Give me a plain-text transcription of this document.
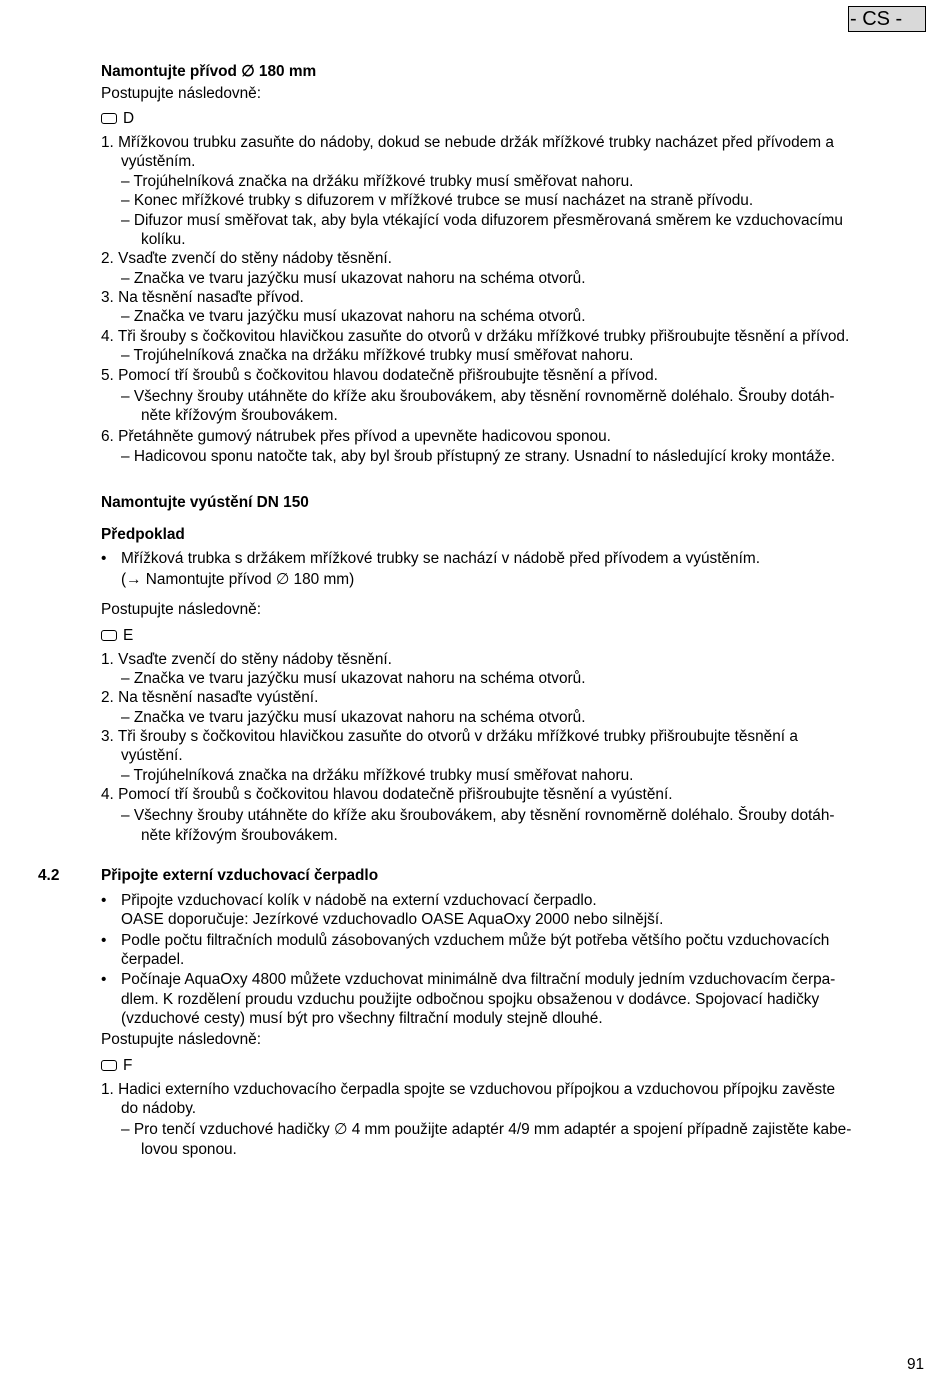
- CS -
Namontujte přívod ∅ 180 mm
Postupujte následovně:
D
1. Mřížkovou trubku zasuňte do nádoby, dokud se nebude držák mřížkové trubky nacházet před přívodem a
vyústěním.
– Trojúhelníková značka na držáku mřížkové trubky musí směřovat nahoru.
– Konec mřížkové trubky s difuzorem v mřížkové trubce se musí nacházet na straně přívodu.
– Difuzor musí směřovat tak, aby byla vtékající voda difuzorem přesměrovaná směrem ke vzduchovacímu
kolíku.
2. Vsaďte zvenčí do stěny nádoby těsnění.
– Značka ve tvaru jazýčku musí ukazovat nahoru na schéma otvorů.
3. Na těsnění nasaďte přívod.
– Značka ve tvaru jazýčku musí ukazovat nahoru na schéma otvorů.
4. Tři šrouby s čočkovitou hlavičkou zasuňte do otvorů v držáku mřížkové trubky přišroubujte těsnění a přívod.
– Trojúhelníková značka na držáku mřížkové trubky musí směřovat nahoru.
5. Pomocí tří šroubů s čočkovitou hlavou dodatečně přišroubujte těsnění a přívod.
– Všechny šrouby utáhněte do kříže aku šroubovákem, aby těsnění rovnoměrně doléhalo. Šrouby dotáh-
něte křížovým šroubovákem.
6. Přetáhněte gumový nátrubek přes přívod a upevněte hadicovou sponou.
– Hadicovou sponu natočte tak, aby byl šroub přístupný ze strany. Usnadní to následující kroky montáže.
Namontujte vyústění DN 150
Předpoklad
• Mřížková trubka s držákem mřížkové trubky se nachází v nádobě před přívodem a vyústěním.
(→ Namontujte přívod ∅ 180 mm)
Postupujte následovně:
E
1. Vsaďte zvenčí do stěny nádoby těsnění.
– Značka ve tvaru jazýčku musí ukazovat nahoru na schéma otvorů.
2. Na těsnění nasaďte vyústění.
– Značka ve tvaru jazýčku musí ukazovat nahoru na schéma otvorů.
3. Tři šrouby s čočkovitou hlavičkou zasuňte do otvorů v držáku mřížkové trubky přišroubujte těsnění a
vyústění.
– Trojúhelníková značka na držáku mřížkové trubky musí směřovat nahoru.
4. Pomocí tří šroubů s čočkovitou hlavou dodatečně přišroubujte těsnění a vyústění.
– Všechny šrouby utáhněte do kříže aku šroubovákem, aby těsnění rovnoměrně doléhalo. Šrouby dotáh-
něte křížovým šroubovákem.
4.2	Připojte externí vzduchovací čerpadlo
• Připojte vzduchovací kolík v nádobě na externí vzduchovací čerpadlo.
OASE doporučuje: Jezírkové vzduchovadlo OASE AquaOxy 2000 nebo silnější.
• Podle počtu filtračních modulů zásobovaných vzduchem může být potřeba většího počtu vzduchovacích
čerpadel.
• Počínaje AquaOxy 4800 můžete vzduchovat minimálně dva filtrační moduly jedním vzduchovacím čerpa-
dlem. K rozdělení proudu vzduchu použijte odbočnou spojku obsaženou v dodávce. Spojovací hadičky
(vzduchové cesty) musí být pro všechny filtrační moduly stejně dlouhé.
Postupujte následovně:
F
1. Hadici externího vzduchovacího čerpadla spojte se vzduchovou přípojkou a vzduchovou přípojku zavěste
do nádoby.
– Pro tenčí vzduchové hadičky ∅ 4 mm použijte adaptér 4/9 mm adaptér a spojení případně zajistěte kabe-
lovou sponou.
91
